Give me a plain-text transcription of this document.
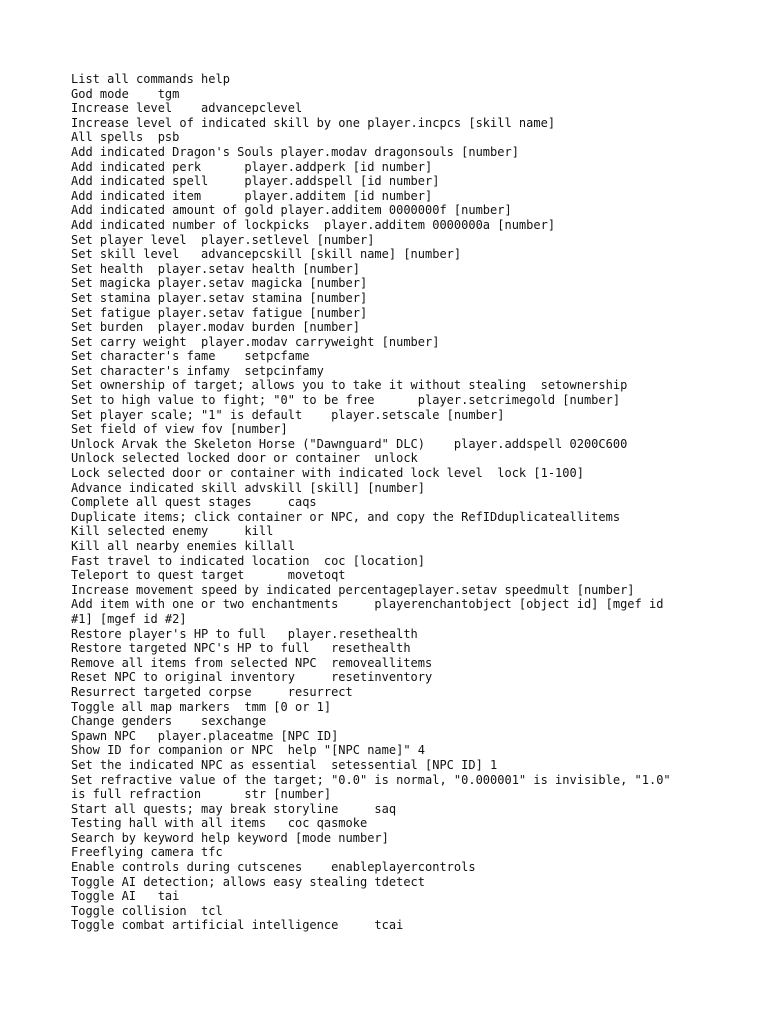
List all commands help
God mode    tgm
Increase level    advancepclevel
Increase level of indicated skill by one player.incpcs [skill name]
All spells  psb
Add indicated Dragon's Souls player.modav dragonsouls [number]
Add indicated perk      player.addperk [id number]
Add indicated spell     player.addspell [id number]
Add indicated item      player.additem [id number]
Add indicated amount of gold player.additem 0000000f [number]
Add indicated number of lockpicks  player.additem 0000000a [number]
Set player level  player.setlevel [number]
Set skill level   advancepcskill [skill name] [number]
Set health  player.setav health [number]
Set magicka player.setav magicka [number]
Set stamina player.setav stamina [number]
Set fatigue player.setav fatigue [number]
Set burden  player.modav burden [number]
Set carry weight  player.modav carryweight [number]
Set character's fame    setpcfame
Set character's infamy  setpcinfamy
Set ownership of target; allows you to take it without stealing  setownership
Set to high value to fight; "0" to be free      player.setcrimegold [number]
Set player scale; "1" is default    player.setscale [number]
Set field of view fov [number]
Unlock Arvak the Skeleton Horse ("Dawnguard" DLC)    player.addspell 0200C600
Unlock selected locked door or container  unlock
Lock selected door or container with indicated lock level  lock [1-100]
Advance indicated skill advskill [skill] [number]
Complete all quest stages     caqs
Duplicate items; click container or NPC, and copy the RefIDduplicateallitems
Kill selected enemy     kill
Kill all nearby enemies killall
Fast travel to indicated location  coc [location]
Teleport to quest target      movetoqt
Increase movement speed by indicated percentageplayer.setav speedmult [number]
Add item with one or two enchantments     playerenchantobject [object id] [mgef id
#1] [mgef id #2]
Restore player's HP to full   player.resethealth
Restore targeted NPC's HP to full   resethealth
Remove all items from selected NPC  removeallitems
Reset NPC to original inventory     resetinventory
Resurrect targeted corpse     resurrect
Toggle all map markers  tmm [0 or 1]
Change genders    sexchange
Spawn NPC   player.placeatme [NPC ID]
Show ID for companion or NPC  help "[NPC name]" 4
Set the indicated NPC as essential  setessential [NPC ID] 1
Set refractive value of the target; "0.0" is normal, "0.000001" is invisible, "1.0"
is full refraction      str [number]
Start all quests; may break storyline     saq
Testing hall with all items   coc qasmoke
Search by keyword help keyword [mode number]
Freeflying camera tfc
Enable controls during cutscenes    enableplayercontrols
Toggle AI detection; allows easy stealing tdetect
Toggle AI   tai
Toggle collision  tcl
Toggle combat artificial intelligence     tcai
